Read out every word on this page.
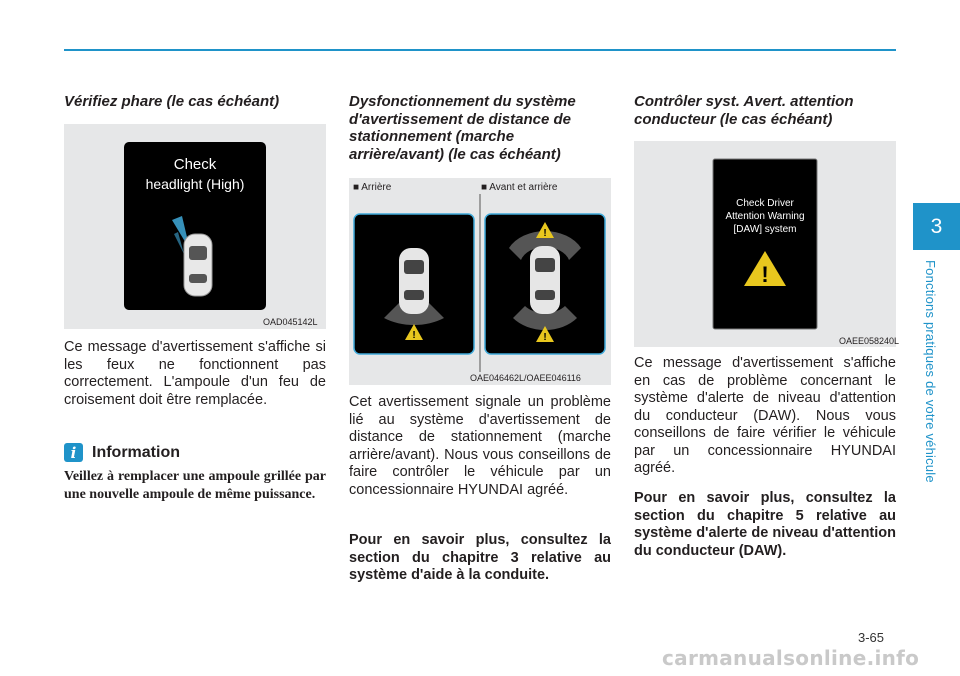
3
Fonctions pratiques de votre véhicule

Vérifiez phare (le cas échéant)

Check
headlight (High)
OAD045142L
Ce message d'avertissement s'affiche si les feux ne fonctionnent pas correctement. L'ampoule d'un feu de croisement doit être remplacée.
i Information
Veillez à remplacer une ampoule grillée par une nouvelle ampoule de même puissance.

Dysfonctionnement du système d'avertissement de distance de stationnement (marche arrière/avant) (le cas échéant)

■ Arrière	■ Avant et arrière
!
!
!
OAE046462L/OAEE046116
Cet avertissement signale un problème lié au système d'avertissement de distance de stationnement (marche arrière/avant). Nous vous conseillons de faire contrôler le véhicule par un concessionnaire HYUNDAI agréé.
Pour en savoir plus, consultez la section du chapitre 3 relative au système d'aide à la conduite.

Contrôler syst. Avert. attention conducteur (le cas échéant)

Check Driver
Attention Warning
[DAW] system
!
OAEE058240L
Ce message d'avertissement s'affiche en cas de problème concernant le système d'alerte de niveau d'attention du conducteur (DAW). Nous vous conseillons de faire vérifier le véhicule par un concessionnaire HYUNDAI agréé.
Pour en savoir plus, consultez la section du chapitre 5 relative au système d'alerte de niveau d'attention du conducteur (DAW).
3-65
carmanualsonline.info
